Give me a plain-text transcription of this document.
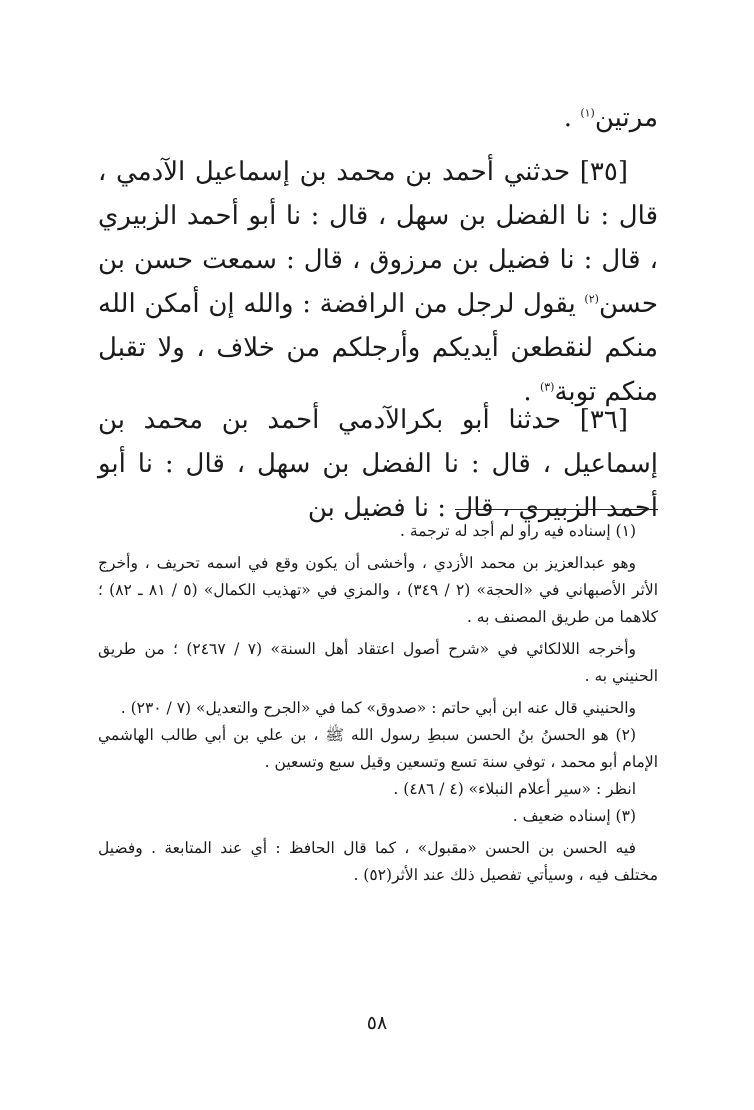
مرتين$^{(١)}$ .

[٣٥] حدثني أحمد بن محمد بن إسماعيل الآدمي ، قال : نا الفضل بن سهل ، قال : نا أبو أحمد الزبيري ، قال : نا فضيل بن مرزوق ، قال : سمعت حسن بن حسن$^{(٢)}$ يقول لرجل من الرافضة : والله إن أمكن الله منكم لنقطعن أيديكم وأرجلكم من خلاف ، ولا تقبل منكم توبة$^{(٣)}$ .

[٣٦] حدثنا أبو بكرالآدمي أحمد بن محمد بن إسماعيل ، قال : نا الفضل بن سهل ، قال : نا أبو أحمد الزبيري ، قال : نا فضيل بن

(١) إسناده فيه راو لم أجد له ترجمة .

وهو عبدالعزيز بن محمد الأزدي ، وأخشى أن يكون وقع في اسمه تحريف ، وأخرج الأثر الأصبهاني في «الحجة» (٢ / ٣٤٩) ، والمزي في «تهذيب الكمال» (٥ / ٨١ ـ ٨٢) ؛ كلاهما من طريق المصنف به .

وأخرجه اللالكائي في «شرح أصول اعتقاد أهل السنة» (٧ / ٢٤٦٧) ؛ من طريق الحنيني به .

والحنيني قال عنه ابن أبي حاتم : «صدوق» كما في «الجرح والتعديل» (٧ / ٢٣٠) .

(٢) هو الحسنُ بنُ الحسن سبطِ رسول الله ﷺ ، بن علي بن أبي طالب الهاشمي الإمام أبو محمد ، توفي سنة تسع وتسعين وقيل سبع وتسعين .

انظر : «سير أعلام النبلاء» (٤ / ٤٨٦) .

(٣) إسناده ضعيف .

فيه الحسن بن الحسن «مقبول» ، كما قال الحافظ : أي عند المتابعة . وفضيل مختلف فيه ، وسيأتي تفصيل ذلك عند الأثر(٥٢) .

٥٨
